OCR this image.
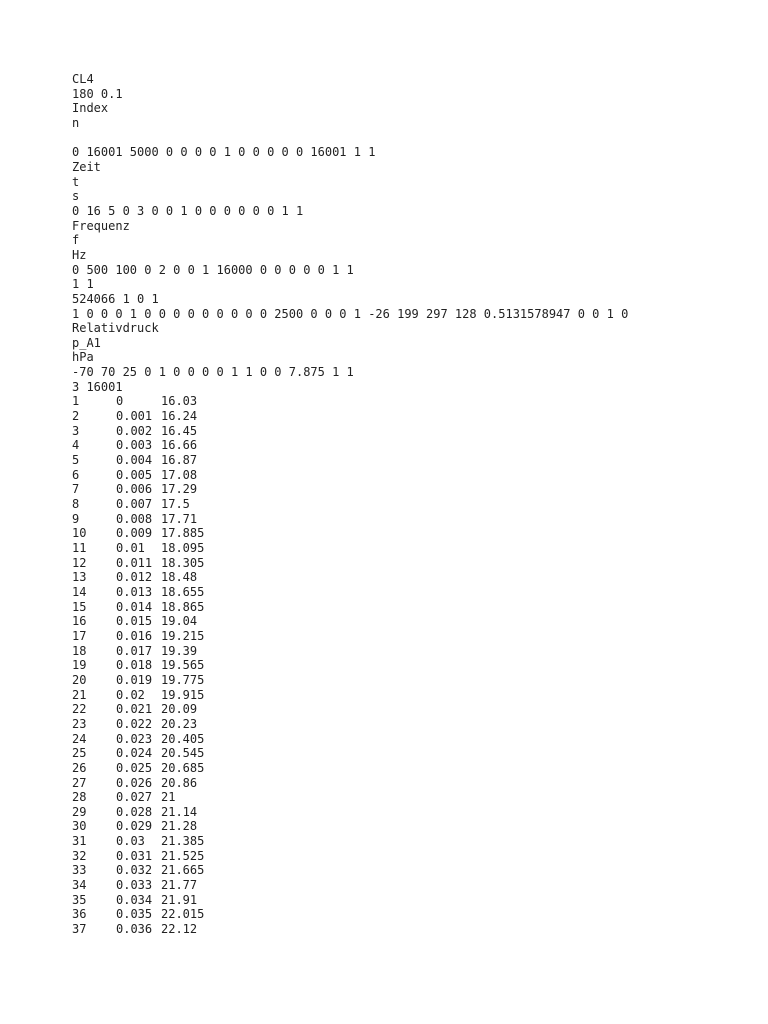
CL4
180 0.1
Index
n
0 16001 5000 0 0 0 0 1 0 0 0 0 0 16001 1 1
Zeit
t
s
0 16 5 0 3 0 0 1 0 0 0 0 0 0 1 1
Frequenz
f
Hz
0 500 100 0 2 0 0 1 16000 0 0 0 0 0 1 1
1 1
524066 1 0 1
1 0 0 0 1 0 0 0 0 0 0 0 0 0 2500 0 0 0 1 -26 199 297 128 0.5131578947 0 0 1 0
Relativdruck
p_A1
hPa
-70 70 25 0 1 0 0 0 0 1 1 0 0 7.875 1 1
3 16001
1	0	16.03
2	0.001 16.24
3	0.002 16.45
4	0.003 16.66
5	0.004 16.87
6	0.005 17.08
7	0.006 17.29
8	0.007 17.5
9	0.008 17.71
10	0.009 17.885
11	0.01	18.095
12	0.011 18.305
13	0.012 18.48
14	0.013 18.655
15	0.014 18.865
16	0.015 19.04
17	0.016 19.215
18	0.017 19.39
19	0.018 19.565
20	0.019 19.775
21	0.02	19.915
22	0.021 20.09
23	0.022 20.23
24	0.023 20.405
25	0.024 20.545
26	0.025 20.685
27	0.026 20.86
28	0.027 21
29	0.028 21.14
30	0.029 21.28
31	0.03	21.385
32	0.031 21.525
33	0.032 21.665
34	0.033 21.77
35	0.034 21.91
36	0.035 22.015
37	0.036 22.12
